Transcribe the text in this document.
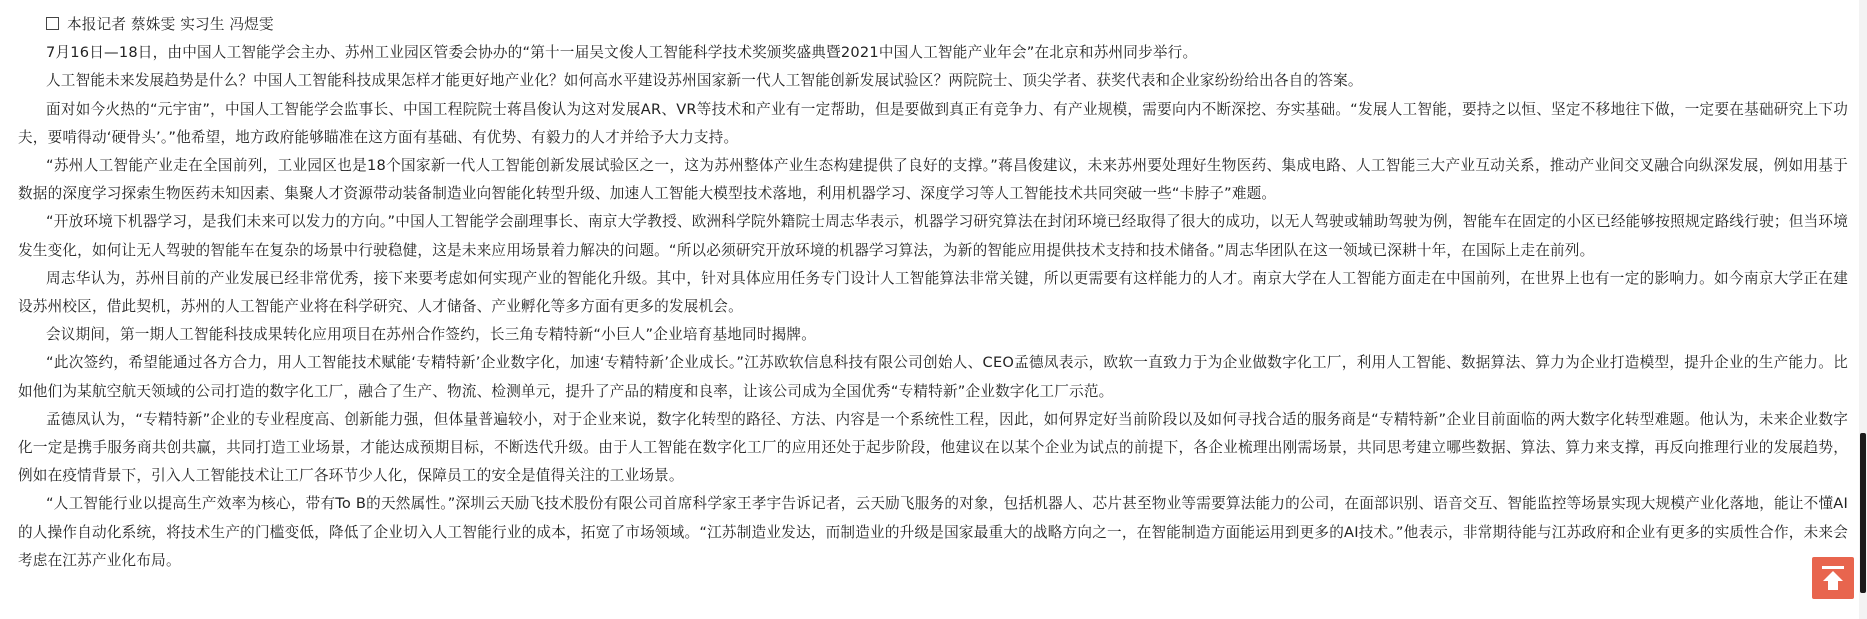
本报记者 蔡姝雯 实习生 冯煜雯

7月16日—18日，由中国人工智能学会主办、苏州工业园区管委会协办的“第十一届吴文俊人工智能科学技术奖颁奖盛典暨2021中国人工智能产业年会”在北京和苏州同步举行。

人工智能未来发展趋势是什么？中国人工智能科技成果怎样才能更好地产业化？如何高水平建设苏州国家新一代人工智能创新发展试验区？两院院士、顶尖学者、获奖代表和企业家纷纷给出各自的答案。

面对如今火热的“元宇宙”，中国人工智能学会监事长、中国工程院院士蒋昌俊认为这对发展AR、VR等技术和产业有一定帮助，但是要做到真正有竞争力、有产业规模，需要向内不断深挖、夯实基础。“发展人工智能，要持之以恒、坚定不移地往下做，一定要在基础研究上下功夫，要啃得动‘硬骨头’。”他希望，地方政府能够瞄准在这方面有基础、有优势、有毅力的人才并给予大力支持。

“苏州人工智能产业走在全国前列，工业园区也是18个国家新一代人工智能创新发展试验区之一，这为苏州整体产业生态构建提供了良好的支撑。”蒋昌俊建议，未来苏州要处理好生物医药、集成电路、人工智能三大产业互动关系，推动产业间交叉融合向纵深发展，例如用基于数据的深度学习探索生物医药未知因素、集聚人才资源带动装备制造业向智能化转型升级、加速人工智能大模型技术落地，利用机器学习、深度学习等人工智能技术共同突破一些“卡脖子”难题。

“开放环境下机器学习，是我们未来可以发力的方向。”中国人工智能学会副理事长、南京大学教授、欧洲科学院外籍院士周志华表示，机器学习研究算法在封闭环境已经取得了很大的成功，以无人驾驶或辅助驾驶为例，智能车在固定的小区已经能够按照规定路线行驶；但当环境发生变化，如何让无人驾驶的智能车在复杂的场景中行驶稳健，这是未来应用场景着力解决的问题。“所以必须研究开放环境的机器学习算法，为新的智能应用提供技术支持和技术储备。”周志华团队在这一领域已深耕十年，在国际上走在前列。

周志华认为，苏州目前的产业发展已经非常优秀，接下来要考虑如何实现产业的智能化升级。其中，针对具体应用任务专门设计人工智能算法非常关键，所以更需要有这样能力的人才。南京大学在人工智能方面走在中国前列，在世界上也有一定的影响力。如今南京大学正在建设苏州校区，借此契机，苏州的人工智能产业将在科学研究、人才储备、产业孵化等多方面有更多的发展机会。

会议期间，第一期人工智能科技成果转化应用项目在苏州合作签约，长三角专精特新“小巨人”企业培育基地同时揭牌。

“此次签约，希望能通过各方合力，用人工智能技术赋能‘专精特新’企业数字化，加速‘专精特新’企业成长。”江苏欧软信息科技有限公司创始人、CEO孟德凤表示，欧软一直致力于为企业做数字化工厂，利用人工智能、数据算法、算力为企业打造模型，提升企业的生产能力。比如他们为某航空航天领域的公司打造的数字化工厂，融合了生产、物流、检测单元，提升了产品的精度和良率，让该公司成为全国优秀“专精特新”企业数字化工厂示范。

孟德凤认为，“专精特新”企业的专业程度高、创新能力强，但体量普遍较小，对于企业来说，数字化转型的路径、方法、内容是一个系统性工程，因此，如何界定好当前阶段以及如何寻找合适的服务商是“专精特新”企业目前面临的两大数字化转型难题。他认为，未来企业数字化一定是携手服务商共创共赢，共同打造工业场景，才能达成预期目标，不断迭代升级。由于人工智能在数字化工厂的应用还处于起步阶段，他建议在以某个企业为试点的前提下，各企业梳理出刚需场景，共同思考建立哪些数据、算法、算力来支撑，再反向推理行业的发展趋势，例如在疫情背景下，引入人工智能技术让工厂各环节少人化，保障员工的安全是值得关注的工业场景。

“人工智能行业以提高生产效率为核心，带有To B的天然属性。”深圳云天励飞技术股份有限公司首席科学家王孝宇告诉记者，云天励飞服务的对象，包括机器人、芯片甚至物业等需要算法能力的公司，在面部识别、语音交互、智能监控等场景实现大规模产业化落地，能让不懂AI的人操作自动化系统，将技术生产的门槛变低，降低了企业切入人工智能行业的成本，拓宽了市场领域。“江苏制造业发达，而制造业的升级是国家最重大的战略方向之一，在智能制造方面能运用到更多的AI技术。”他表示，非常期待能与江苏政府和企业有更多的实质性合作，未来会考虑在江苏产业化布局。
